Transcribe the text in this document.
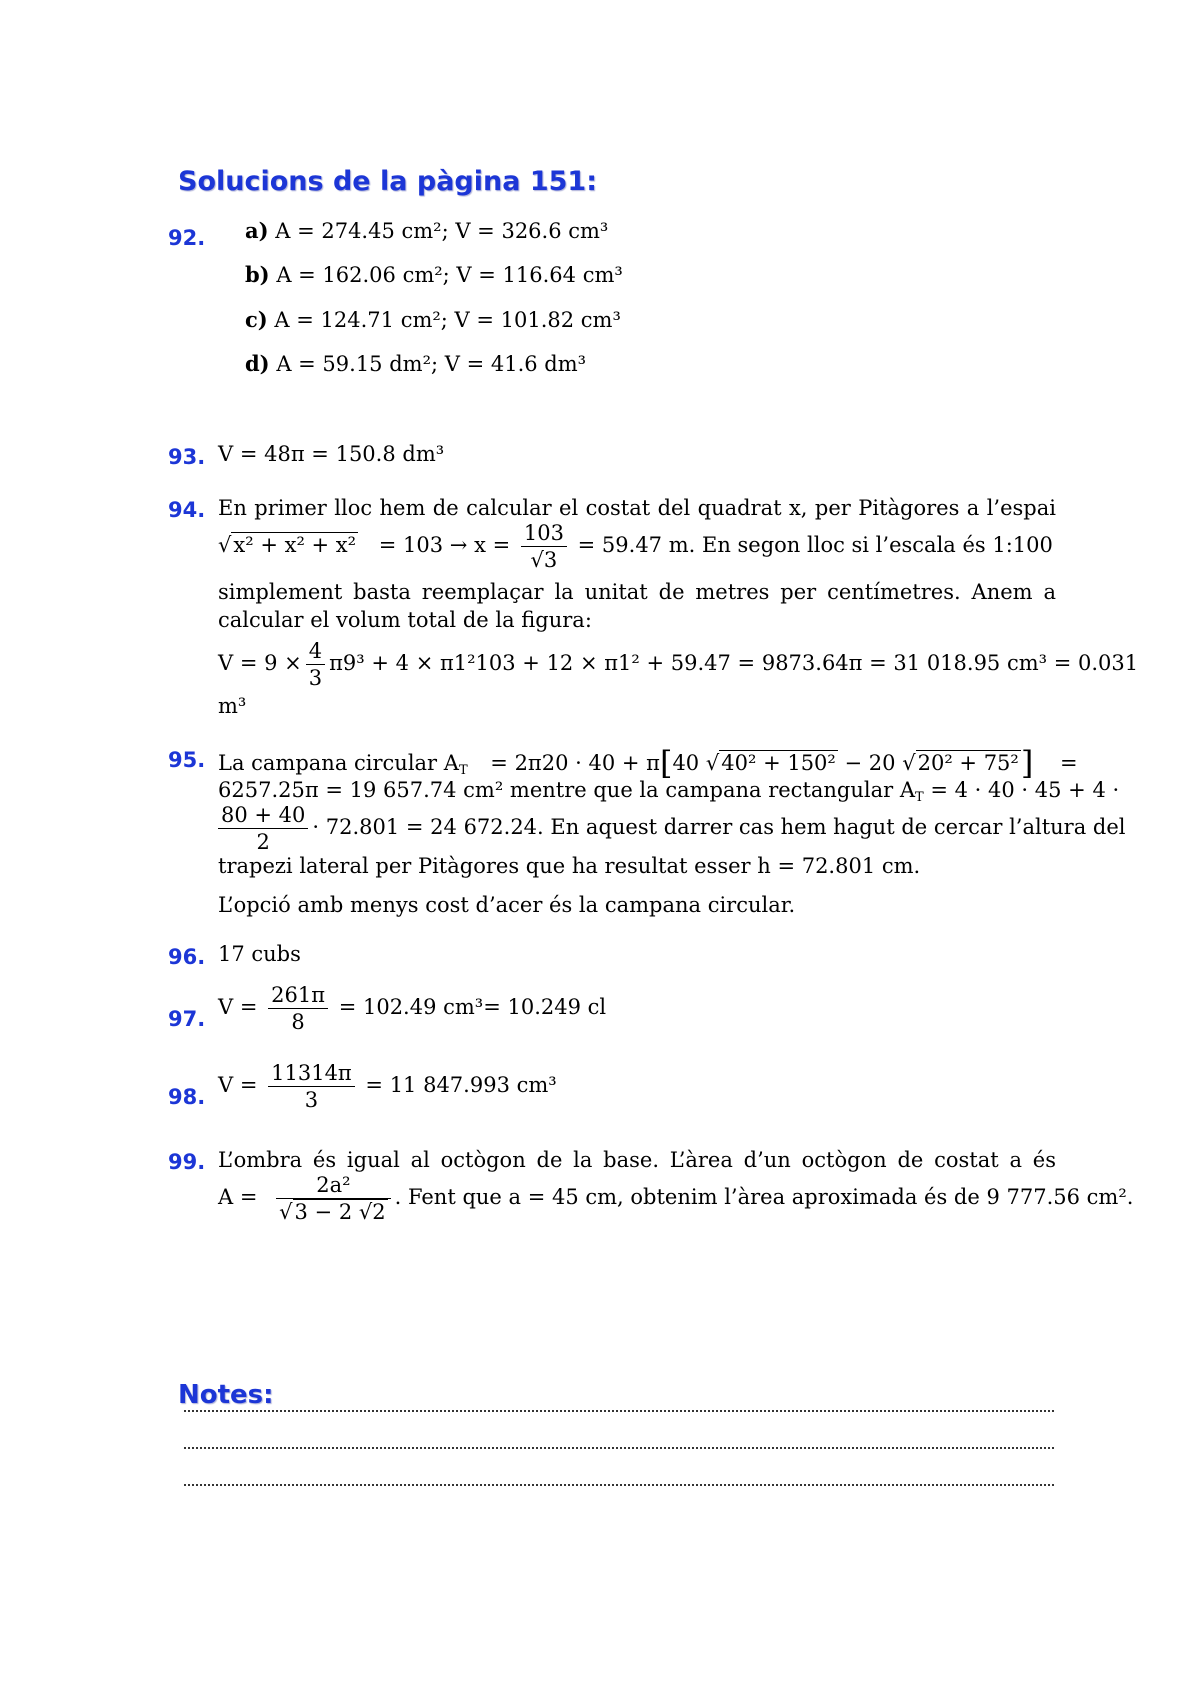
Solucions de la pàgina 151:
92. a) A = 274.45 cm²; V = 326.6 cm³
b) A = 162.06 cm²; V = 116.64 cm³
c) A = 124.71 cm²; V = 101.82 cm³
d) A = 59.15 dm²; V = 41.6 dm³
93. V = 48π = 150.8 dm³
94. En primer lloc hem de calcular el costat del quadrat x, per Pitàgores a l’espai
$√x^2 + x^2 + x^2 = 103 \to x = \frac{103}{√3} = 59.47$ m. En segon lloc si l’escala és 1:100
simplement basta reemplaçar la unitat de metres per centímetres. Anem a calcular el volum total de la figura:
$V = 9 \times \frac{4}{3} \pi 9^3 + 4 \times \pi 1^2103 + 12 \times \pi 1^2 + 59.47 = 9873.64\pi = 31$ 018.95 cm³ = 0.031
m³
95. La campana circular $A_T = 2\pi 20 \cdot 40 + \pi[40$ √40² + 150² − 20 √20² + 75²] =
6257.25π = 19 657.74 cm² mentre que la campana rectangular $A_T = 4 \cdot 40 \cdot 45 + 4$ ·
$\frac{80 + 40}{2} \cdot 72.801 = 24$ 672.24. En aquest darrer cas hem hagut de cercar l’altura del
trapezi lateral per Pitàgores que ha resultat esser h = 72.801 cm.
L’opció amb menys cost d’acer és la campana circular.
96. 17 cubs
97. $V = \frac{261\pi}{8} = 102.49$ cm³= 10.249 cl
98. $V = \frac{11314\pi}{3} = 11$ 847.993 cm³
99. L’ombra és igual al octògon de la base. L’àrea d’un octògon de costat a és
$A = \frac{\text{2a²}}{√3 - 2 √2}$ . Fent que a = 45 cm, obtenim l’àrea aproximada és de 9 777.56 cm².
Notes:
